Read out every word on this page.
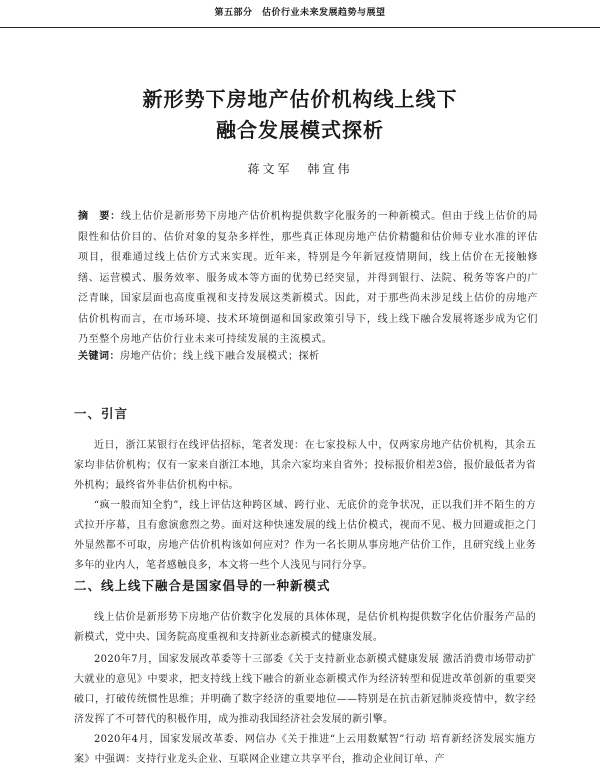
第五部分　估价行业未来发展趋势与展望
新形势下房地产估价机构线上线下
融合发展模式探析
蒋文军　韩宣伟
摘　要：线上估价是新形势下房地产估价机构提供数字化服务的一种新模式。但由于线上估价的局限性和估价目的、估价对象的复杂多样性，那些真正体现房地产估价精髓和估价师专业水准的评估项目，很难通过线上估价方式来实现。近年来，特别是今年新冠疫情期间，线上估价在无接触修缮、运营模式、服务效率、服务成本等方面的优势已经突显，并得到银行、法院、税务等客户的广泛青睐，国家层面也高度重视和支持发展这类新模式。因此，对于那些尚未涉足线上估价的房地产估价机构而言，在市场环境、技术环境倒逼和国家政策引导下，线上线下融合发展将逐步成为它们乃至整个房地产估价行业未来可持续发展的主流模式。
关键词：房地产估价；线上线下融合发展模式；探析
一、引言

近日，浙江某银行在线评估招标，笔者发现：在七家投标人中，仅两家房地产估价机构，其余五家均非估价机构；仅有一家来自浙江本地，其余六家均来自省外；投标报价相差3倍，报价最低者为省外机构；最终省外非估价机构中标。

“疯一般而知全豹”，线上评估这种跨区域、跨行业、无底价的竞争状况，正以我们并不陌生的方式拉开序幕，且有愈演愈烈之势。面对这种快速发展的线上估价模式，视而不见、极力回避或拒之门外显然都不可取，房地产估价机构该如何应对？作为一名长期从事房地产估价工作，且研究线上业务多年的业内人，笔者感触良多，本文将一些个人浅见与同行分享。

二、线上线下融合是国家倡导的一种新模式

线上估价是新形势下房地产估价数字化发展的具体体现，是估价机构提供数字化估价服务产品的新模式，党中央、国务院高度重视和支持新业态新模式的健康发展。

2020年7月，国家发展改革委等十三部委《关于支持新业态新模式健康发展 激活消费市场带动扩大就业的意见》中要求，把支持线上线下融合的新业态新模式作为经济转型和促进改革创新的重要突破口，打破传统惯性思维；并明确了数字经济的重要地位——特别是在抗击新冠肺炎疫情中，数字经济发挥了不可替代的积极作用，成为推动我国经济社会发展的新引擎。

2020年4月，国家发展改革委、网信办《关于推进“上云用数赋智”行动 培育新经济发展实施方案》中强调：支持行业龙头企业、互联网企业建立共享平台，推动企业间订单、产
